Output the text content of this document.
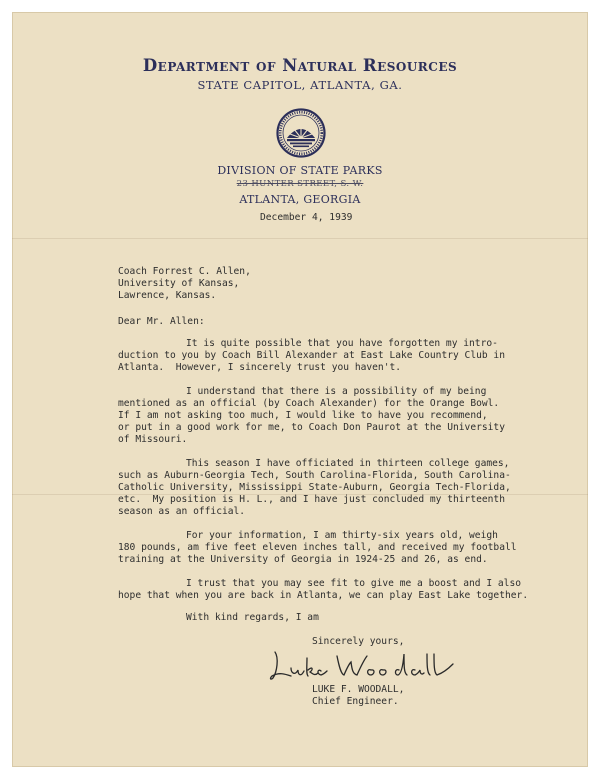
Department of Natural Resources
STATE CAPITOL, ATLANTA, GA.
DIVISION OF STATE PARKS
23 HUNTER STREET, S. W.
ATLANTA, GEORGIA
December 4, 1939
Coach Forrest C. Allen,
University of Kansas,
Lawrence, Kansas.
Dear Mr. Allen:
It is quite possible that you have forgotten my intro-
duction to you by Coach Bill Alexander at East Lake Country Club in
Atlanta.  However, I sincerely trust you haven't.
I understand that there is a possibility of my being
mentioned as an official (by Coach Alexander) for the Orange Bowl.
If I am not asking too much, I would like to have you recommend,
or put in a good work for me, to Coach Don Paurot at the University
of Missouri.
This season I have officiated in thirteen college games,
such as Auburn-Georgia Tech, South Carolina-Florida, South Carolina-
Catholic University, Mississippi State-Auburn, Georgia Tech-Florida,
etc.  My position is H. L., and I have just concluded my thirteenth
season as an official.
For your information, I am thirty-six years old, weigh
180 pounds, am five feet eleven inches tall, and received my football
training at the University of Georgia in 1924-25 and 26, as end.
I trust that you may see fit to give me a boost and I also
hope that when you are back in Atlanta, we can play East Lake together.
With kind regards, I am
Sincerely yours,
LUKE F. WOODALL,
Chief Engineer.
